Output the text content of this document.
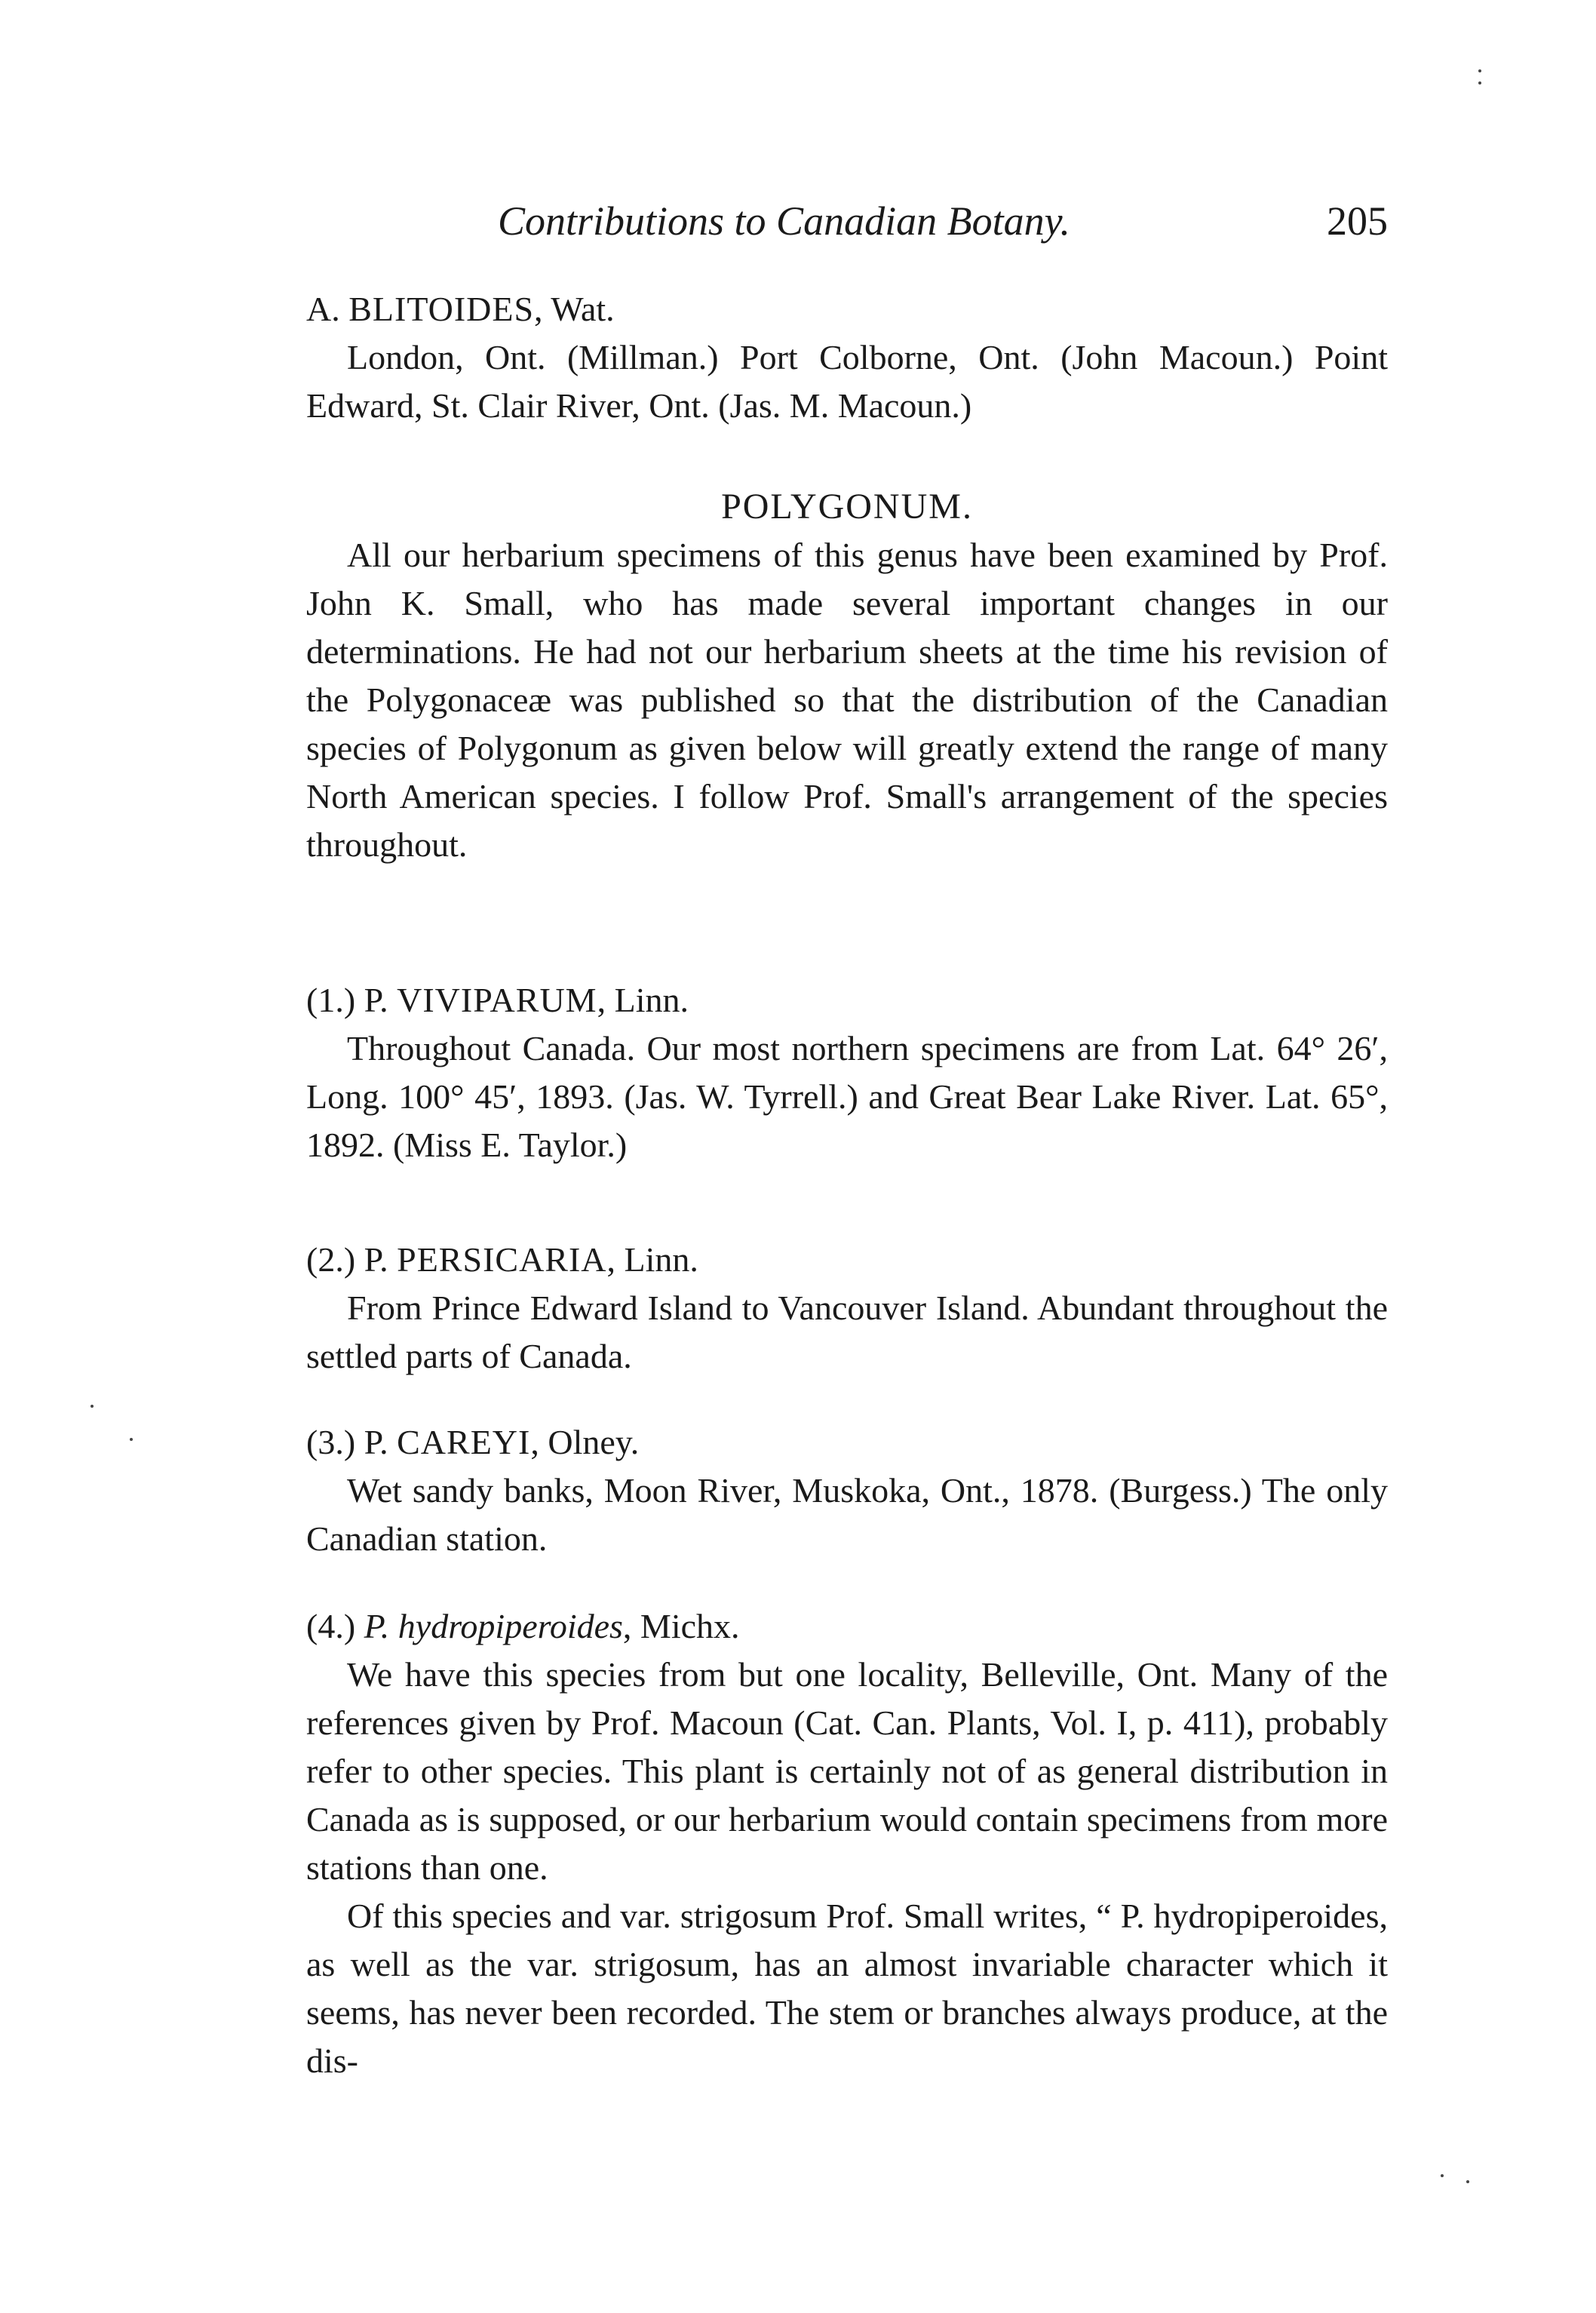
Contributions to Canadian Botany.	205
A. BLITOIDES, Wat.

London, Ont. (Millman.) Port Colborne, Ont. (John Macoun.) Point Edward, St. Clair River, Ont. (Jas. M. Macoun.)

POLYGONUM.

All our herbarium specimens of this genus have been examined by Prof. John K. Small, who has made several important changes in our determinations. He had not our herbarium sheets at the time his revision of the Polygonaceæ was published so that the distribution of the Canadian species of Polygonum as given below will greatly extend the range of many North American species. I follow Prof. Small's arrangement of the species throughout.

(1.) P. VIVIPARUM, Linn.

Throughout Canada. Our most northern specimens are from Lat. 64° 26′, Long. 100° 45′, 1893. (Jas. W. Tyrrell.) and Great Bear Lake River. Lat. 65°, 1892. (Miss E. Taylor.)

(2.) P. PERSICARIA, Linn.

From Prince Edward Island to Vancouver Island. Abundant throughout the settled parts of Canada.

(3.) P. CAREYI, Olney.

Wet sandy banks, Moon River, Muskoka, Ont., 1878. (Burgess.) The only Canadian station.

(4.) P. hydropiperoides, Michx.

We have this species from but one locality, Belleville, Ont. Many of the references given by Prof. Macoun (Cat. Can. Plants, Vol. I, p. 411), probably refer to other species. This plant is certainly not of as general distribution in Canada as is supposed, or our herbarium would contain specimens from more stations than one.

Of this species and var. strigosum Prof. Small writes, “ P. hydropiperoides, as well as the var. strigosum, has an almost invariable character which it seems, has never been recorded. The stem or branches always produce, at the dis-
